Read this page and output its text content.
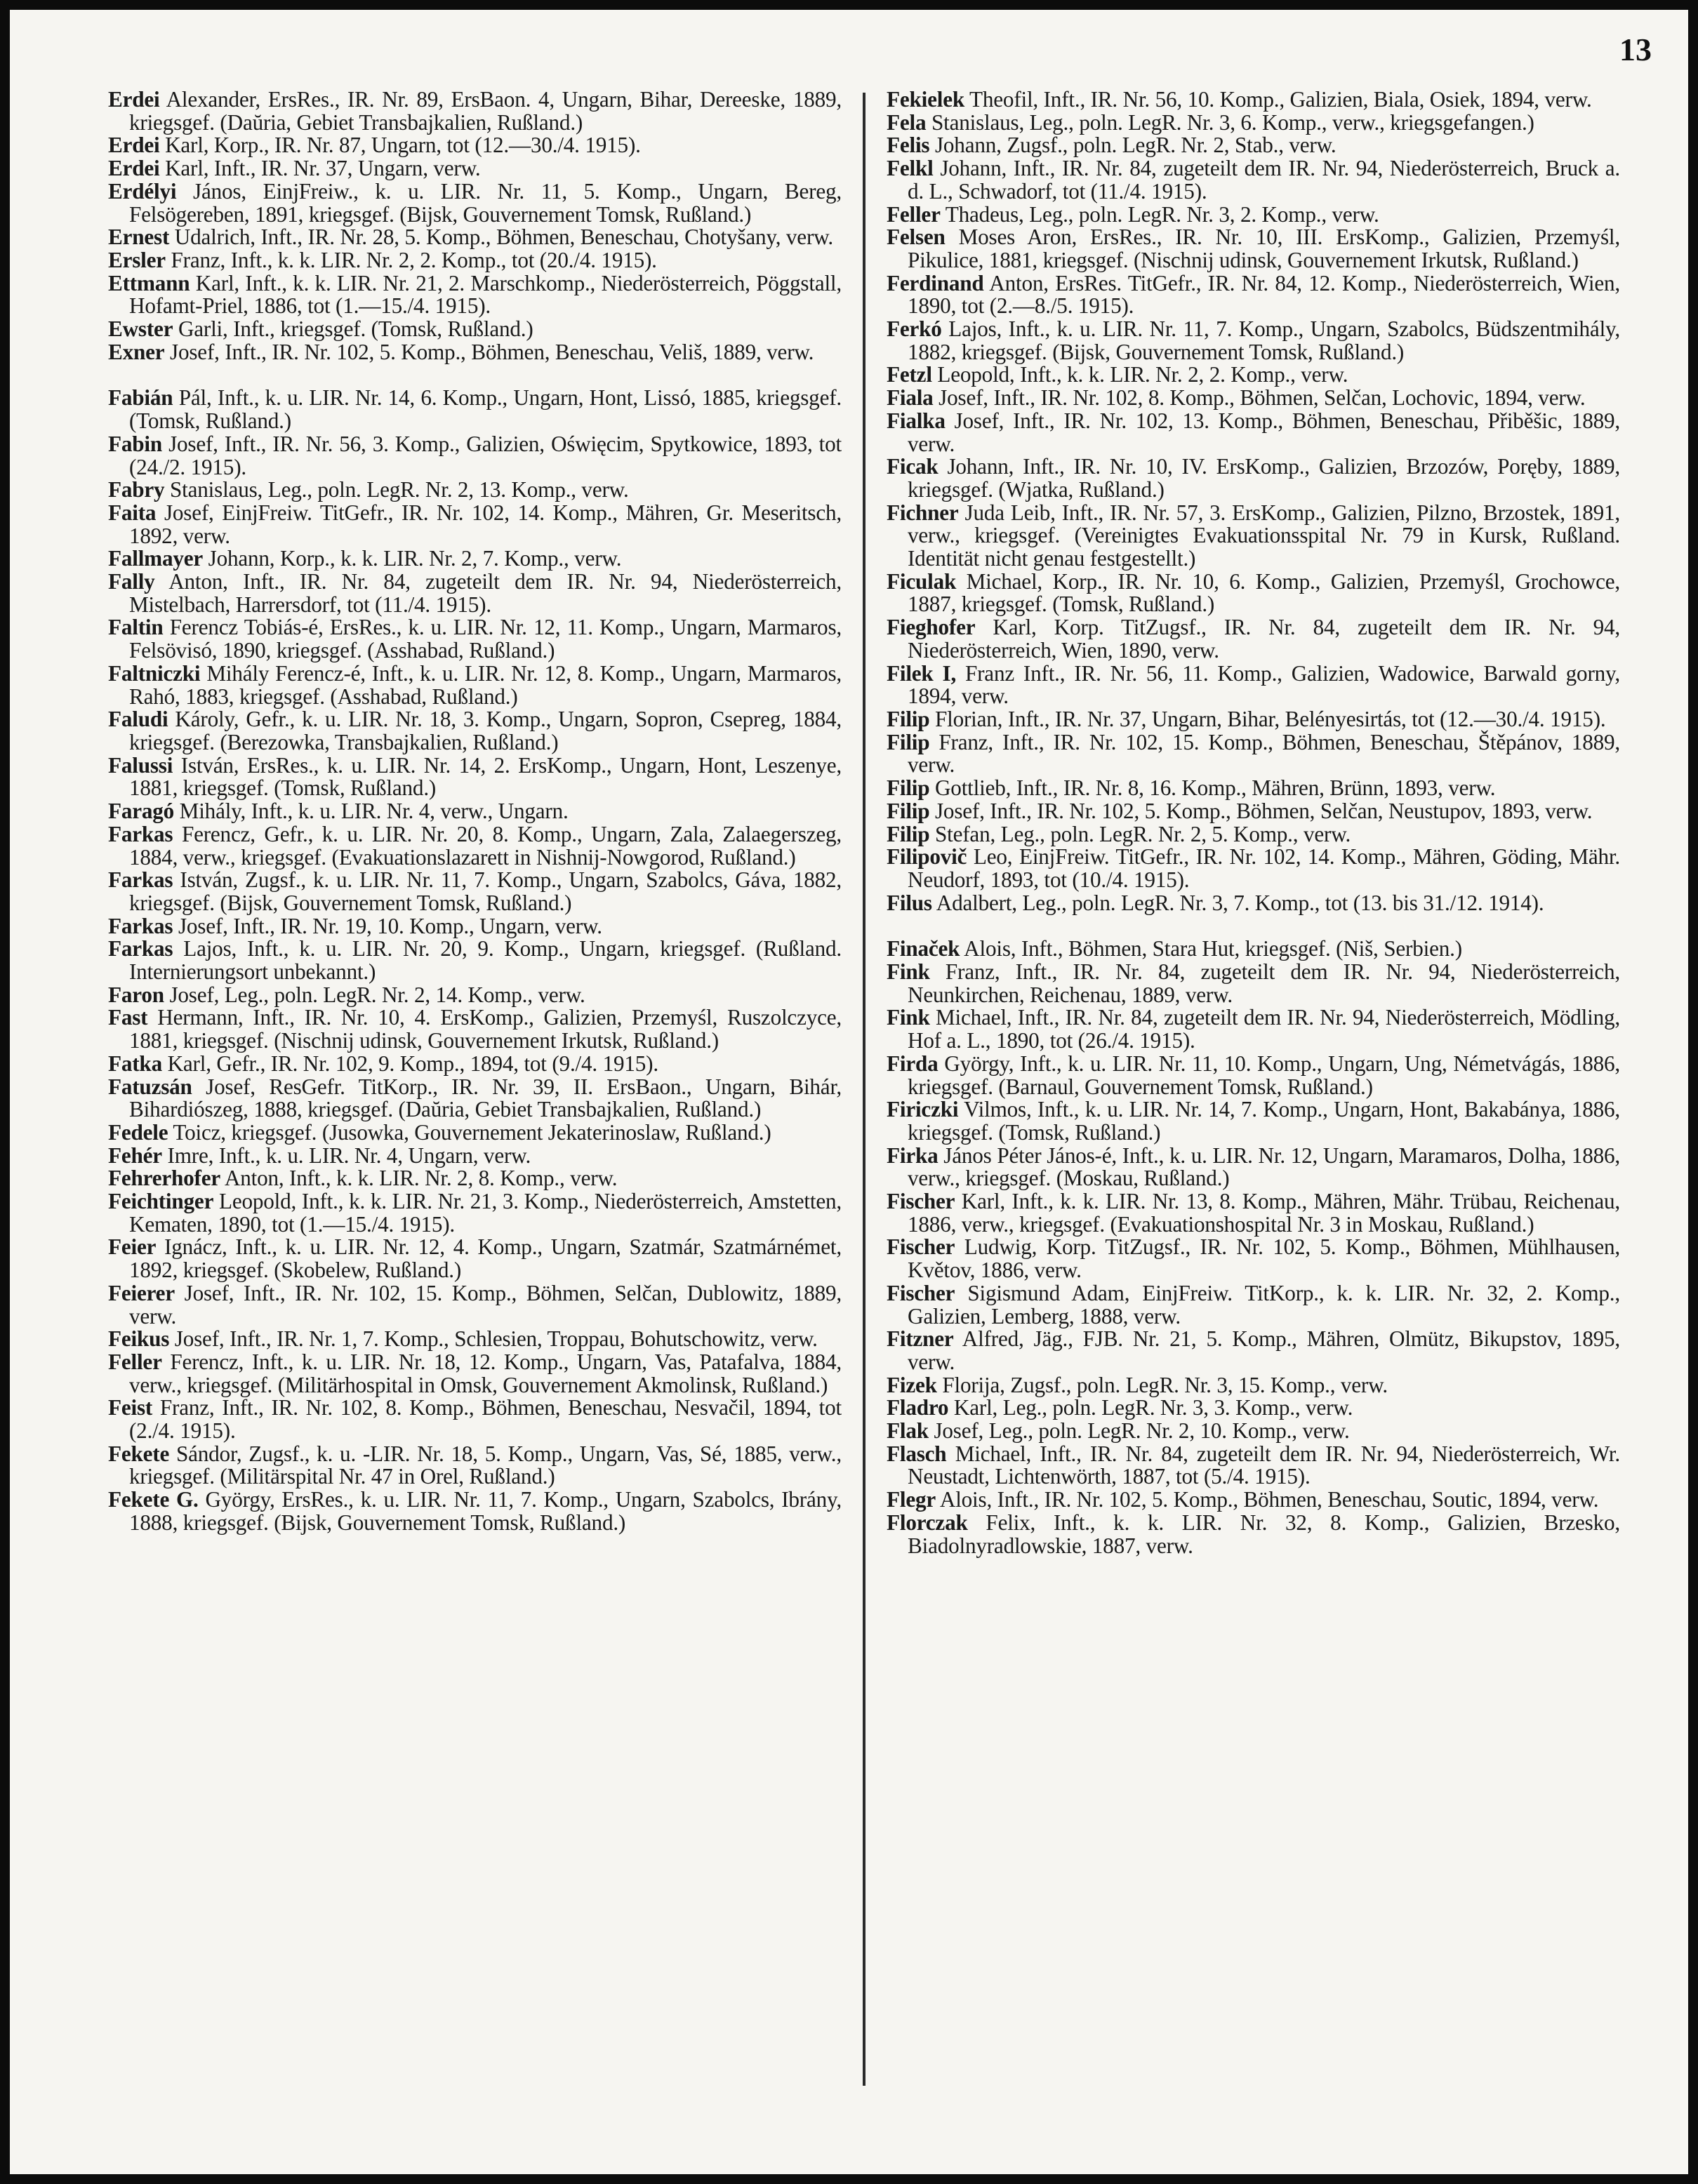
13

Erdei Alexander, ErsRes., IR. Nr. 89, ErsBaon. 4, Ungarn, Bihar, Dereeske, 1889, kriegsgef. (Daŭria, Gebiet Transbajkalien, Rußland.)

Erdei Karl, Korp., IR. Nr. 87, Ungarn, tot (12.—30./4. 1915).

Erdei Karl, Inft., IR. Nr. 37, Ungarn, verw.

Erdélyi János, EinjFreiw., k. u. LIR. Nr. 11, 5. Komp., Ungarn, Bereg, Felsögereben, 1891, kriegsgef. (Bijsk, Gouvernement Tomsk, Rußland.)

Ernest Udalrich, Inft., IR. Nr. 28, 5. Komp., Böhmen, Beneschau, Chotyšany, verw.

Ersler Franz, Inft., k. k. LIR. Nr. 2, 2. Komp., tot (20./4. 1915).

Ettmann Karl, Inft., k. k. LIR. Nr. 21, 2. Marschkomp., Niederösterreich, Pöggstall, Hofamt-Priel, 1886, tot (1.—15./4. 1915).

Ewster Garli, Inft., kriegsgef. (Tomsk, Rußland.)

Exner Josef, Inft., IR. Nr. 102, 5. Komp., Böhmen, Beneschau, Veliš, 1889, verw.

Fabián Pál, Inft., k. u. LIR. Nr. 14, 6. Komp., Ungarn, Hont, Lissó, 1885, kriegsgef. (Tomsk, Rußland.)

Fabin Josef, Inft., IR. Nr. 56, 3. Komp., Galizien, Oświęcim, Spytkowice, 1893, tot (24./2. 1915).

Fabry Stanislaus, Leg., poln. LegR. Nr. 2, 13. Komp., verw.

Faita Josef, EinjFreiw. TitGefr., IR. Nr. 102, 14. Komp., Mähren, Gr. Meseritsch, 1892, verw.

Fallmayer Johann, Korp., k. k. LIR. Nr. 2, 7. Komp., verw.

Fally Anton, Inft., IR. Nr. 84, zugeteilt dem IR. Nr. 94, Niederösterreich, Mistelbach, Harrersdorf, tot (11./4. 1915).

Faltin Ferencz Tobiás-é, ErsRes., k. u. LIR. Nr. 12, 11. Komp., Ungarn, Marmaros, Felsövisó, 1890, kriegsgef. (Asshabad, Rußland.)

Faltniczki Mihály Ferencz-é, Inft., k. u. LIR. Nr. 12, 8. Komp., Ungarn, Marmaros, Rahó, 1883, kriegsgef. (Asshabad, Rußland.)

Faludi Károly, Gefr., k. u. LIR. Nr. 18, 3. Komp., Ungarn, Sopron, Csepreg, 1884, kriegsgef. (Berezowka, Transbajkalien, Rußland.)

Falussi István, ErsRes., k. u. LIR. Nr. 14, 2. ErsKomp., Ungarn, Hont, Leszenye, 1881, kriegsgef. (Tomsk, Rußland.)

Faragó Mihály, Inft., k. u. LIR. Nr. 4, verw., Ungarn.

Farkas Ferencz, Gefr., k. u. LIR. Nr. 20, 8. Komp., Ungarn, Zala, Zalaegerszeg, 1884, verw., kriegsgef. (Evakuationslazarett in Nishnij-Nowgorod, Rußland.)

Farkas István, Zugsf., k. u. LIR. Nr. 11, 7. Komp., Ungarn, Szabolcs, Gáva, 1882, kriegsgef. (Bijsk, Gouvernement Tomsk, Rußland.)

Farkas Josef, Inft., IR. Nr. 19, 10. Komp., Ungarn, verw.

Farkas Lajos, Inft., k. u. LIR. Nr. 20, 9. Komp., Ungarn, kriegsgef. (Rußland. Internierungsort unbekannt.)

Faron Josef, Leg., poln. LegR. Nr. 2, 14. Komp., verw.

Fast Hermann, Inft., IR. Nr. 10, 4. ErsKomp., Galizien, Przemyśl, Ruszolczyce, 1881, kriegsgef. (Nischnij udinsk, Gouvernement Irkutsk, Rußland.)

Fatka Karl, Gefr., IR. Nr. 102, 9. Komp., 1894, tot (9./4. 1915).

Fatuzsán Josef, ResGefr. TitKorp., IR. Nr. 39, II. ErsBaon., Ungarn, Bihár, Bihardiószeg, 1888, kriegsgef. (Daŭria, Gebiet Transbajkalien, Rußland.)

Fedele Toicz, kriegsgef. (Jusowka, Gouvernement Jekaterinoslaw, Rußland.)

Fehér Imre, Inft., k. u. LIR. Nr. 4, Ungarn, verw.

Fehrerhofer Anton, Inft., k. k. LIR. Nr. 2, 8. Komp., verw.

Feichtinger Leopold, Inft., k. k. LIR. Nr. 21, 3. Komp., Niederösterreich, Amstetten, Kematen, 1890, tot (1.—15./4. 1915).

Feier Ignácz, Inft., k. u. LIR. Nr. 12, 4. Komp., Ungarn, Szatmár, Szatmárnémet, 1892, kriegsgef. (Skobelew, Rußland.)

Feierer Josef, Inft., IR. Nr. 102, 15. Komp., Böhmen, Selčan, Dublowitz, 1889, verw.

Feikus Josef, Inft., IR. Nr. 1, 7. Komp., Schlesien, Troppau, Bohutschowitz, verw.

Feller Ferencz, Inft., k. u. LIR. Nr. 18, 12. Komp., Ungarn, Vas, Patafalva, 1884, verw., kriegsgef. (Militärhospital in Omsk, Gouvernement Akmolinsk, Rußland.)

Feist Franz, Inft., IR. Nr. 102, 8. Komp., Böhmen, Beneschau, Nesvačil, 1894, tot (2./4. 1915).

Fekete Sándor, Zugsf., k. u. -LIR. Nr. 18, 5. Komp., Ungarn, Vas, Sé, 1885, verw., kriegsgef. (Militärspital Nr. 47 in Orel, Rußland.)

Fekete G. György, ErsRes., k. u. LIR. Nr. 11, 7. Komp., Ungarn, Szabolcs, Ibrány, 1888, kriegsgef. (Bijsk, Gouvernement Tomsk, Rußland.)

Fekielek Theofil, Inft., IR. Nr. 56, 10. Komp., Galizien, Biala, Osiek, 1894, verw.

Fela Stanislaus, Leg., poln. LegR. Nr. 3, 6. Komp., verw., kriegsgefangen.)

Felis Johann, Zugsf., poln. LegR. Nr. 2, Stab., verw.

Felkl Johann, Inft., IR. Nr. 84, zugeteilt dem IR. Nr. 94, Niederösterreich, Bruck a. d. L., Schwadorf, tot (11./4. 1915).

Feller Thadeus, Leg., poln. LegR. Nr. 3, 2. Komp., verw.

Felsen Moses Aron, ErsRes., IR. Nr. 10, III. ErsKomp., Galizien, Przemyśl, Pikulice, 1881, kriegsgef. (Nischnij udinsk, Gouvernement Irkutsk, Rußland.)

Ferdinand Anton, ErsRes. TitGefr., IR. Nr. 84, 12. Komp., Niederösterreich, Wien, 1890, tot (2.—8./5. 1915).

Ferkó Lajos, Inft., k. u. LIR. Nr. 11, 7. Komp., Ungarn, Szabolcs, Büdszentmihály, 1882, kriegsgef. (Bijsk, Gouvernement Tomsk, Rußland.)

Fetzl Leopold, Inft., k. k. LIR. Nr. 2, 2. Komp., verw.

Fiala Josef, Inft., IR. Nr. 102, 8. Komp., Böhmen, Selčan, Lochovic, 1894, verw.

Fialka Josef, Inft., IR. Nr. 102, 13. Komp., Böhmen, Beneschau, Přiběšic, 1889, verw.

Ficak Johann, Inft., IR. Nr. 10, IV. ErsKomp., Galizien, Brzozów, Poręby, 1889, kriegsgef. (Wjatka, Rußland.)

Fichner Juda Leib, Inft., IR. Nr. 57, 3. ErsKomp., Galizien, Pilzno, Brzostek, 1891, verw., kriegsgef. (Vereinigtes Evakuationsspital Nr. 79 in Kursk, Rußland. Identität nicht genau festgestellt.)

Ficulak Michael, Korp., IR. Nr. 10, 6. Komp., Galizien, Przemyśl, Grochowce, 1887, kriegsgef. (Tomsk, Rußland.)

Fieghofer Karl, Korp. TitZugsf., IR. Nr. 84, zugeteilt dem IR. Nr. 94, Niederösterreich, Wien, 1890, verw.

Filek I, Franz Inft., IR. Nr. 56, 11. Komp., Galizien, Wadowice, Barwald gorny, 1894, verw.

Filip Florian, Inft., IR. Nr. 37, Ungarn, Bihar, Belényesirtás, tot (12.—30./4. 1915).

Filip Franz, Inft., IR. Nr. 102, 15. Komp., Böhmen, Beneschau, Štěpánov, 1889, verw.

Filip Gottlieb, Inft., IR. Nr. 8, 16. Komp., Mähren, Brünn, 1893, verw.

Filip Josef, Inft., IR. Nr. 102, 5. Komp., Böhmen, Selčan, Neustupov, 1893, verw.

Filip Stefan, Leg., poln. LegR. Nr. 2, 5. Komp., verw.

Filipovič Leo, EinjFreiw. TitGefr., IR. Nr. 102, 14. Komp., Mähren, Göding, Mähr. Neudorf, 1893, tot (10./4. 1915).

Filus Adalbert, Leg., poln. LegR. Nr. 3, 7. Komp., tot (13. bis 31./12. 1914).

Finaček Alois, Inft., Böhmen, Stara Hut, kriegsgef. (Niš, Serbien.)

Fink Franz, Inft., IR. Nr. 84, zugeteilt dem IR. Nr. 94, Niederösterreich, Neunkirchen, Reichenau, 1889, verw.

Fink Michael, Inft., IR. Nr. 84, zugeteilt dem IR. Nr. 94, Niederösterreich, Mödling, Hof a. L., 1890, tot (26./4. 1915).

Firda György, Inft., k. u. LIR. Nr. 11, 10. Komp., Ungarn, Ung, Németvágás, 1886, kriegsgef. (Barnaul, Gouvernement Tomsk, Rußland.)

Firiczki Vilmos, Inft., k. u. LIR. Nr. 14, 7. Komp., Ungarn, Hont, Bakabánya, 1886, kriegsgef. (Tomsk, Rußland.)

Firka János Péter János-é, Inft., k. u. LIR. Nr. 12, Ungarn, Maramaros, Dolha, 1886, verw., kriegsgef. (Moskau, Rußland.)

Fischer Karl, Inft., k. k. LIR. Nr. 13, 8. Komp., Mähren, Mähr. Trübau, Reichenau, 1886, verw., kriegsgef. (Evakuationshospital Nr. 3 in Moskau, Rußland.)

Fischer Ludwig, Korp. TitZugsf., IR. Nr. 102, 5. Komp., Böhmen, Mühlhausen, Květov, 1886, verw.

Fischer Sigismund Adam, EinjFreiw. TitKorp., k. k. LIR. Nr. 32, 2. Komp., Galizien, Lemberg, 1888, verw.

Fitzner Alfred, Jäg., FJB. Nr. 21, 5. Komp., Mähren, Olmütz, Bikupstov, 1895, verw.

Fizek Florija, Zugsf., poln. LegR. Nr. 3, 15. Komp., verw.

Fladro Karl, Leg., poln. LegR. Nr. 3, 3. Komp., verw.

Flak Josef, Leg., poln. LegR. Nr. 2, 10. Komp., verw.

Flasch Michael, Inft., IR. Nr. 84, zugeteilt dem IR. Nr. 94, Niederösterreich, Wr. Neustadt, Lichtenwörth, 1887, tot (5./4. 1915).

Flegr Alois, Inft., IR. Nr. 102, 5. Komp., Böhmen, Beneschau, Soutic, 1894, verw.

Florczak Felix, Inft., k. k. LIR. Nr. 32, 8. Komp., Galizien, Brzesko, Biadolnyradlowskie, 1887, verw.
